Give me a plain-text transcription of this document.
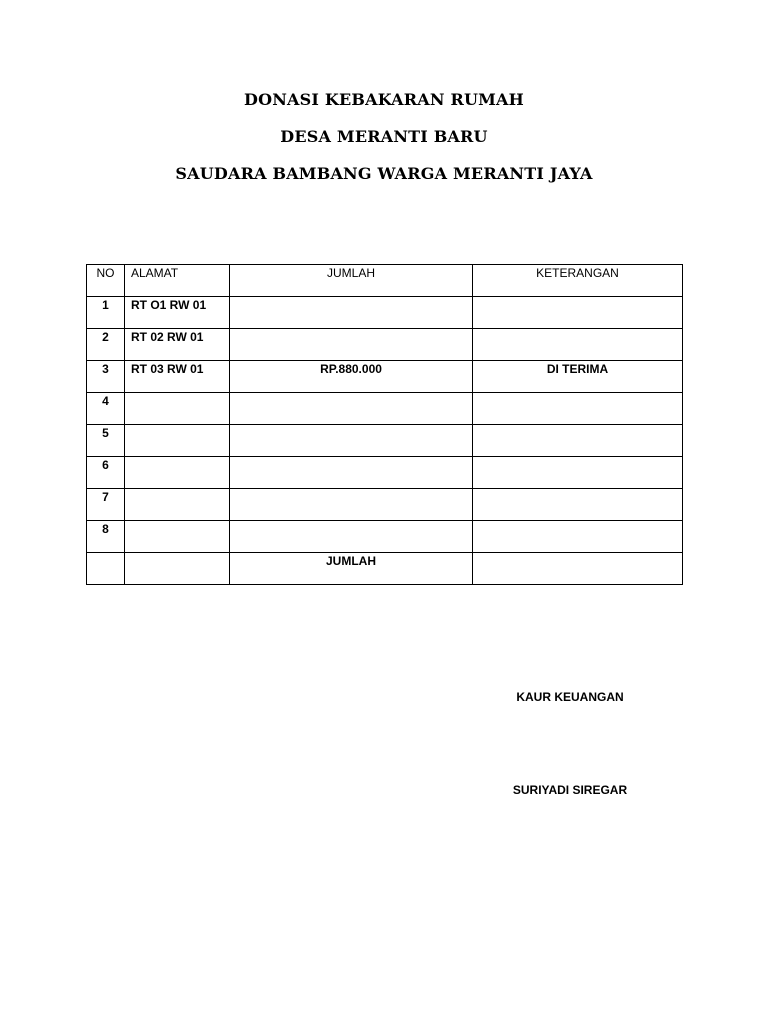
DONASI KEBAKARAN RUMAH
DESA MERANTI BARU
SAUDARA BAMBANG WARGA MERANTI JAYA
NO	ALAMAT	JUMLAH	KETERANGAN
1	RT O1 RW 01		
2	RT 02 RW 01		
3	RT 03 RW 01	RP.880.000	DI TERIMA
4			
5			
6			
7			
8			
		JUMLAH	
KAUR KEUANGAN
SURIYADI SIREGAR
